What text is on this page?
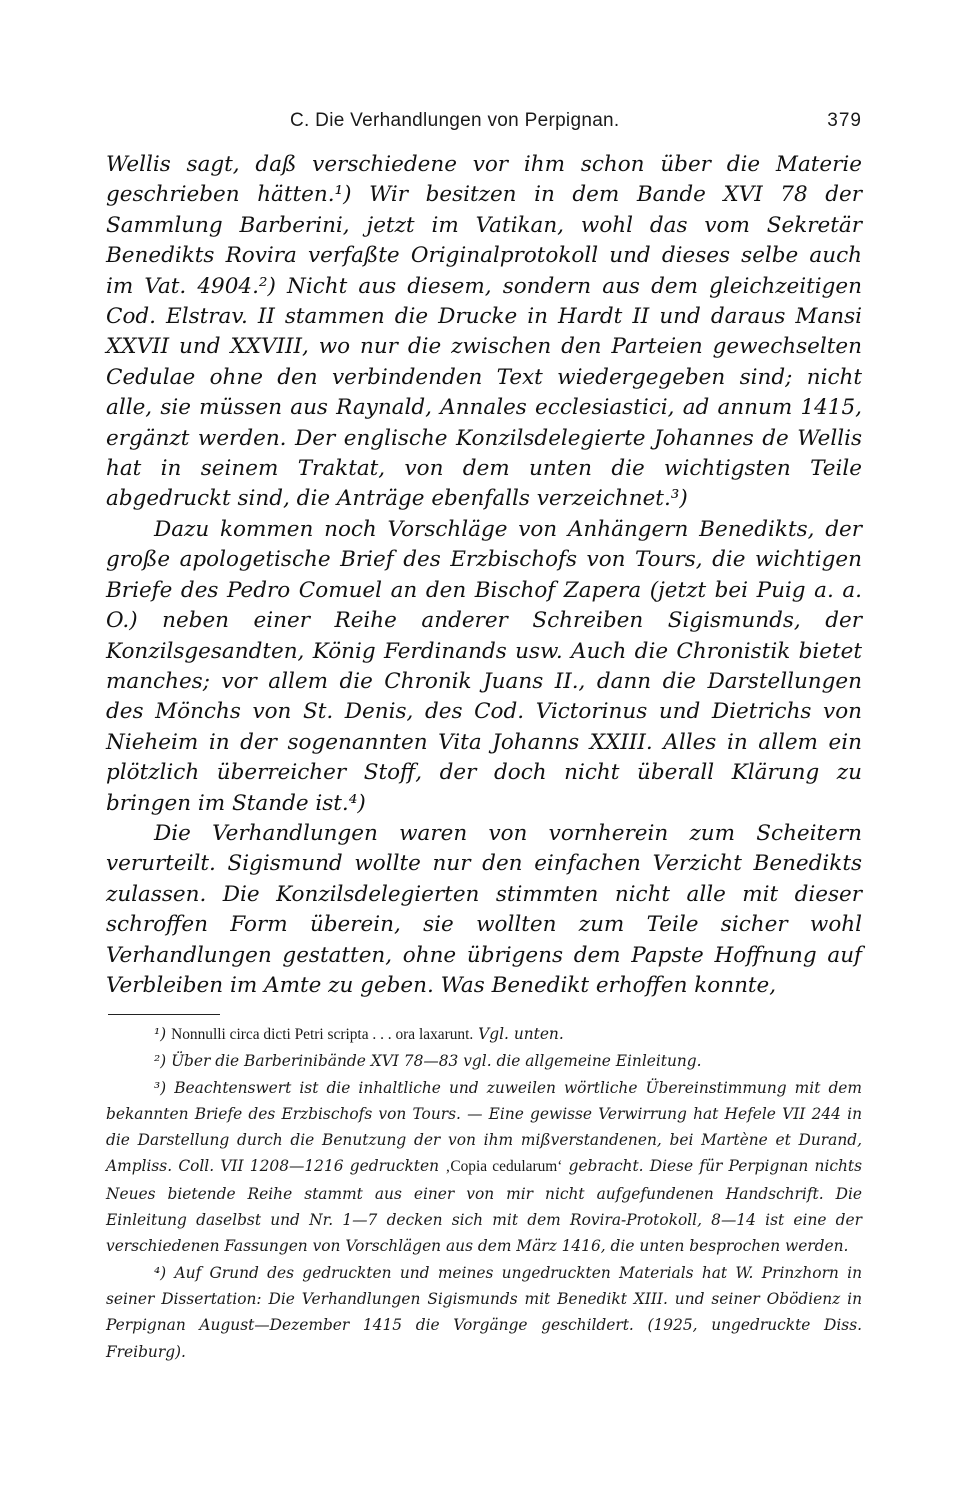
C. Die Verhandlungen von Perpignan.	379

Wellis sagt, daß verschiedene vor ihm schon über die Materie geschrieben hätten.¹) Wir besitzen in dem Bande XVI 78 der Sammlung Barberini, jetzt im Vatikan, wohl das vom Sekretär Benedikts Rovira verfaßte Originalprotokoll und dieses selbe auch im Vat. 4904.²) Nicht aus diesem, sondern aus dem gleichzeitigen Cod. Elstrav. II stammen die Drucke in Hardt II und daraus Mansi XXVII und XXVIII, wo nur die zwischen den Parteien gewechselten Cedulae ohne den verbindenden Text wiedergegeben sind; nicht alle, sie müssen aus Raynald, Annales ecclesiastici, ad annum 1415, ergänzt werden. Der englische Konzilsdelegierte Johannes de Wellis hat in seinem Traktat, von dem unten die wichtigsten Teile abgedruckt sind, die Anträge ebenfalls verzeichnet.³)

Dazu kommen noch Vorschläge von Anhängern Benedikts, der große apologetische Brief des Erzbischofs von Tours, die wichtigen Briefe des Pedro Comuel an den Bischof Zapera (jetzt bei Puig a. a. O.) neben einer Reihe anderer Schreiben Sigismunds, der Konzilsgesandten, König Ferdinands usw. Auch die Chronistik bietet manches; vor allem die Chronik Juans II., dann die Darstellungen des Mönchs von St. Denis, des Cod. Victorinus und Dietrichs von Nieheim in der sogenannten Vita Johanns XXIII. Alles in allem ein plötzlich überreicher Stoff, der doch nicht überall Klärung zu bringen im Stande ist.⁴)

Die Verhandlungen waren von vornherein zum Scheitern verurteilt. Sigismund wollte nur den einfachen Verzicht Benedikts zulassen. Die Konzilsdelegierten stimmten nicht alle mit dieser schroffen Form überein, sie wollten zum Teile sicher wohl Verhandlungen gestatten, ohne übrigens dem Papste Hoffnung auf Verbleiben im Amte zu geben. Was Benedikt erhoffen konnte,

¹) Nonnulli circa dicti Petri scripta . . . ora laxarunt. Vgl. unten.

²) Über die Barberinibände XVI 78—83 vgl. die allgemeine Einleitung.

³) Beachtenswert ist die inhaltliche und zuweilen wörtliche Übereinstimmung mit dem bekannten Briefe des Erzbischofs von Tours. — Eine gewisse Verwirrung hat Hefele VII 244 in die Darstellung durch die Benutzung der von ihm mißverstandenen, bei Martène et Durand, Ampliss. Coll. VII 1208—1216 gedruckten ‚Copia cedularum‘ gebracht. Diese für Perpignan nichts Neues bietende Reihe stammt aus einer von mir nicht aufgefundenen Handschrift. Die Einleitung daselbst und Nr. 1—7 decken sich mit dem Rovira-Protokoll, 8—14 ist eine der verschiedenen Fassungen von Vorschlägen aus dem März 1416, die unten besprochen werden.

⁴) Auf Grund des gedruckten und meines ungedruckten Materials hat W. Prinzhorn in seiner Dissertation: Die Verhandlungen Sigismunds mit Benedikt XIII. und seiner Obödienz in Perpignan August—Dezember 1415 die Vorgänge geschildert. (1925, ungedruckte Diss. Freiburg).
